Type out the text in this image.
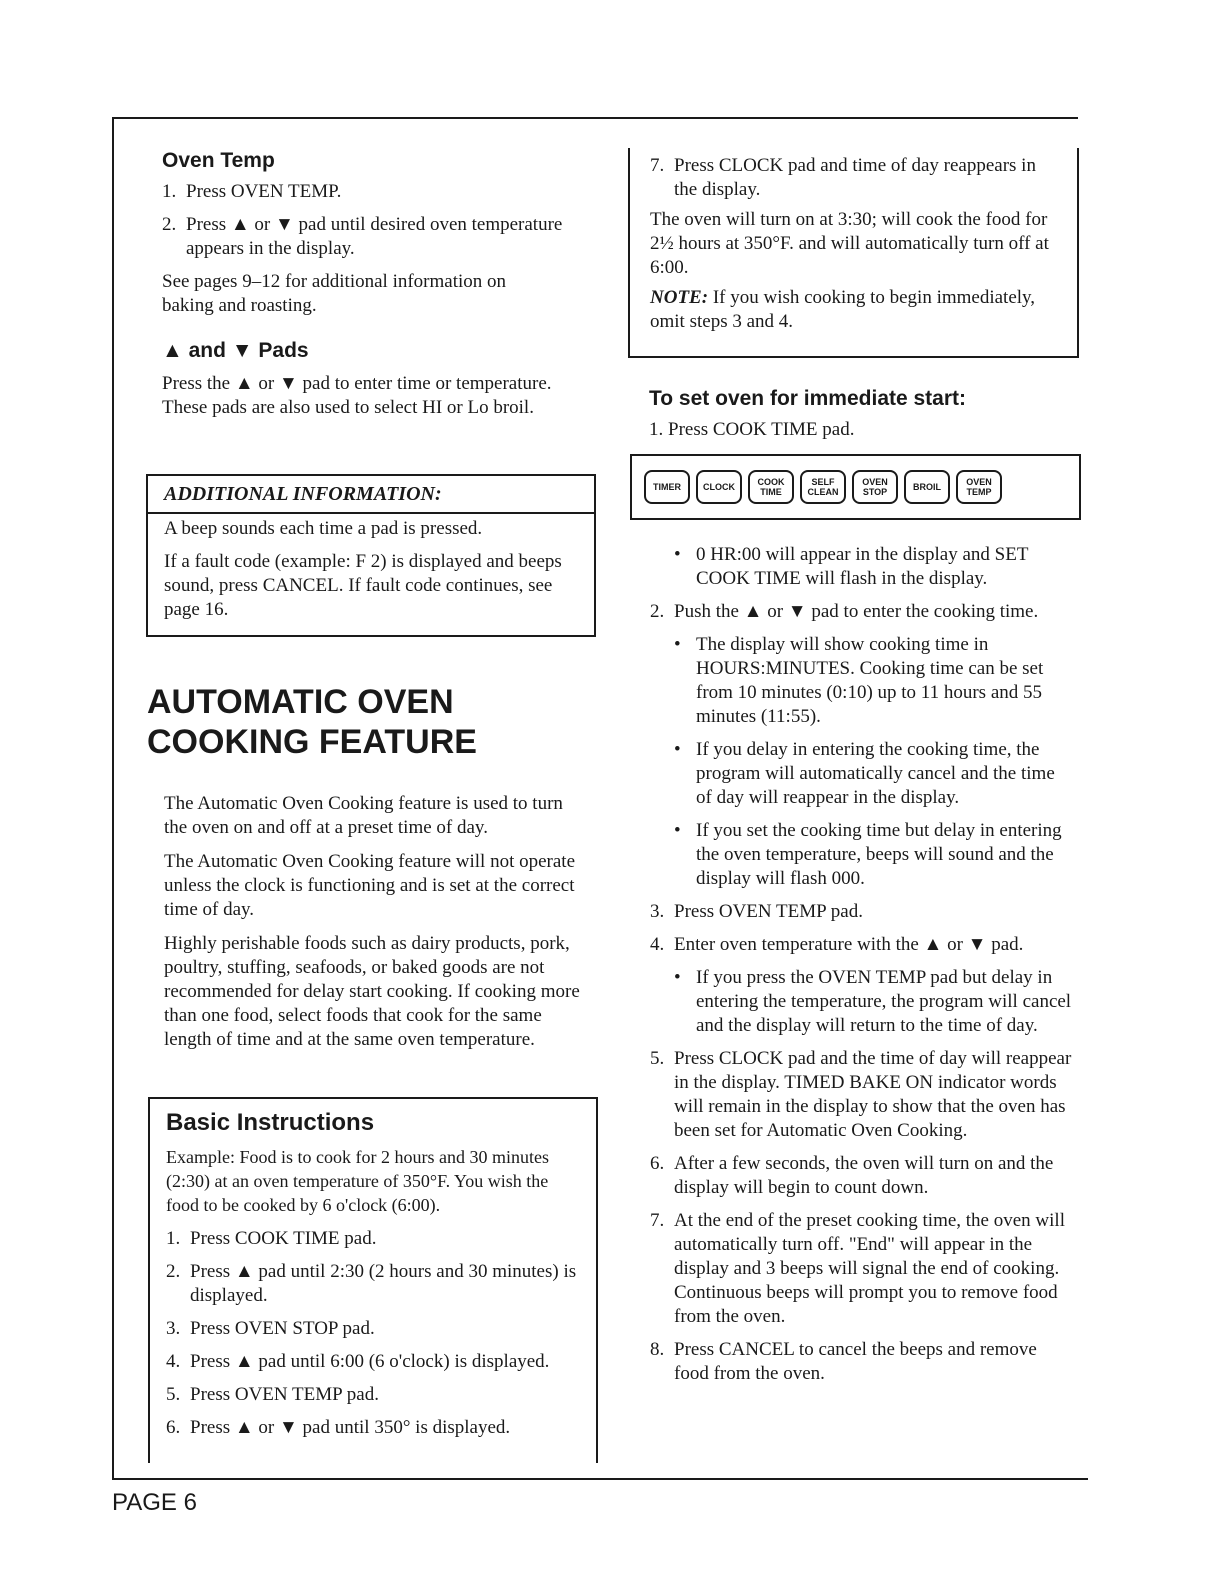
Oven Temp
1. Press OVEN TEMP.
2. Press ▲ or ▼ pad until desired oven temperature appears in the display.

See pages 9–12 for additional information on baking and roasting.

▲ and ▼ Pads

Press the ▲ or ▼ pad to enter time or temperature. These pads are also used to select HI or Lo broil.

ADDITIONAL INFORMATION:

A beep sounds each time a pad is pressed.

If a fault code (example: F 2) is displayed and beeps sound, press CANCEL. If fault code continues, see page 16.

AUTOMATIC OVEN
COOKING FEATURE

The Automatic Oven Cooking feature is used to turn the oven on and off at a preset time of day.

The Automatic Oven Cooking feature will not operate unless the clock is functioning and is set at the correct time of day.

Highly perishable foods such as dairy products, pork, poultry, stuffing, seafoods, or baked goods are not recommended for delay start cooking. If cooking more than one food, select foods that cook for the same length of time and at the same oven temperature.

Basic Instructions

Example: Food is to cook for 2 hours and 30 minutes (2:30) at an oven temperature of 350°F. You wish the food to be cooked by 6 o'clock (6:00).

1. Press COOK TIME pad.
2. Press ▲ pad until 2:30 (2 hours and 30 minutes) is displayed.
3. Press OVEN STOP pad.
4. Press ▲ pad until 6:00 (6 o'clock) is displayed.
5. Press OVEN TEMP pad.
6. Press ▲ or ▼ pad until 350° is displayed.
7. Press CLOCK pad and time of day reappears in the display.

The oven will turn on at 3:30; will cook the food for 2½ hours at 350°F. and will automatically turn off at 6:00.

NOTE: If you wish cooking to begin immediately, omit steps 3 and 4.

To set oven for immediate start:

1. Press COOK TIME pad.

TIMER CLOCK	COOK
TIME
SELF
CLEAN
OVEN
STOP	BROIL	OVEN
TEMP
• 0 HR:00 will appear in the display and SET COOK TIME will flash in the display.
2. Push the ▲ or ▼ pad to enter the cooking time.
• The display will show cooking time in HOURS:MINUTES. Cooking time can be set from 10 minutes (0:10) up to 11 hours and 55 minutes (11:55).
• If you delay in entering the cooking time, the program will automatically cancel and the time of day will reappear in the display.
• If you set the cooking time but delay in entering the oven temperature, beeps will sound and the display will flash 000.
3. Press OVEN TEMP pad.
4. Enter oven temperature with the ▲ or ▼ pad.
• If you press the OVEN TEMP pad but delay in entering the temperature, the program will cancel and the display will return to the time of day.
5. Press CLOCK pad and the time of day will reappear in the display. TIMED BAKE ON indicator words will remain in the display to show that the oven has been set for Automatic Oven Cooking.
6. After a few seconds, the oven will turn on and the display will begin to count down.
7. At the end of the preset cooking time, the oven will automatically turn off. "End" will appear in the display and 3 beeps will signal the end of cooking. Continuous beeps will prompt you to remove food from the oven.
8. Press CANCEL to cancel the beeps and remove food from the oven.
PAGE 6
